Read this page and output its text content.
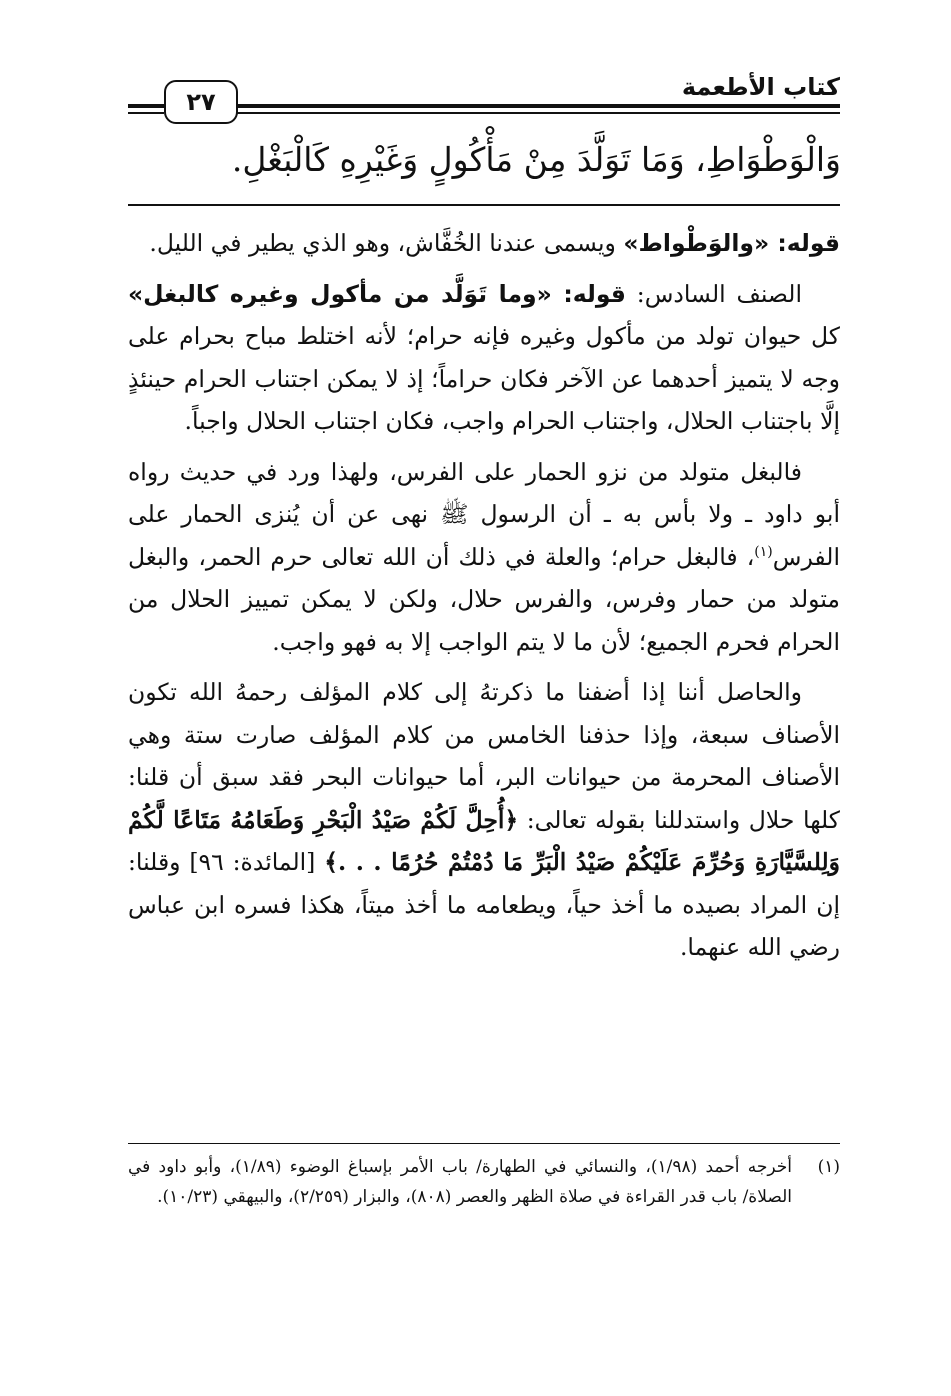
كتاب الأطعمة
٢٧
وَالْوَطْوَاطِ، وَمَا تَوَلَّدَ مِنْ مَأْكُولٍ وَغَيْرِهِ كَالْبَغْلِ.

قوله: «والوَطْواط» ويسمى عندنا الخُفَّاش، وهو الذي يطير في الليل.

الصنف السادس: قوله: «وما تَوَلَّد من مأكول وغيره كالبغل» كل حيوان تولد من مأكول وغيره فإنه حرام؛ لأنه اختلط مباح بحرام على وجه لا يتميز أحدهما عن الآخر فكان حراماً؛ إذ لا يمكن اجتناب الحرام حينئذٍ إلَّا باجتناب الحلال، واجتناب الحرام واجب، فكان اجتناب الحلال واجباً.

فالبغل متولد من نزو الحمار على الفرس، ولهذا ورد في حديث رواه أبو داود ـ ولا بأس به ـ أن الرسول ﷺ نهى عن أن يُنزى الحمار على الفرس$^{(١)}$، فالبغل حرام؛ والعلة في ذلك أن الله تعالى حرم الحمر، والبغل متولد من حمار وفرس، والفرس حلال، ولكن لا يمكن تمييز الحلال من الحرام فحرم الجميع؛ لأن ما لا يتم الواجب إلا به فهو واجب.

والحاصل أننا إذا أضفنا ما ذكرتهُ إلى كلام المؤلف رحمهُ الله تكون الأصناف سبعة، وإذا حذفنا الخامس من كلام المؤلف صارت ستة وهي الأصناف المحرمة من حيوانات البر، أما حيوانات البحر فقد سبق أن قلنا: كلها حلال واستدللنا بقوله تعالى: ﴿أُحِلَّ لَكُمْ صَيْدُ الْبَحْرِ وَطَعَامُهُ مَتَاعًا لَّكُمْ وَلِلسَّيَّارَةِ وَحُرِّمَ عَلَيْكُمْ صَيْدُ الْبَرِّ مَا دُمْتُمْ حُرُمًا . . .﴾ [المائدة: ٩٦] وقلنا: إن المراد بصيده ما أخذ حياً، ويطعامه ما أخذ ميتاً، هكذا فسره ابن عباس رضي الله عنهما.

(١)
أخرجه أحمد (١/٩٨)، والنسائي في الطهارة/ باب الأمر بإسباغ الوضوء (١/٨٩)، وأبو داود في الصلاة/ باب قدر القراءة في صلاة الظهر والعصر (٨٠٨)، والبزار (٢/٢٥٩)، والبيهقي (١٠/٢٣).
